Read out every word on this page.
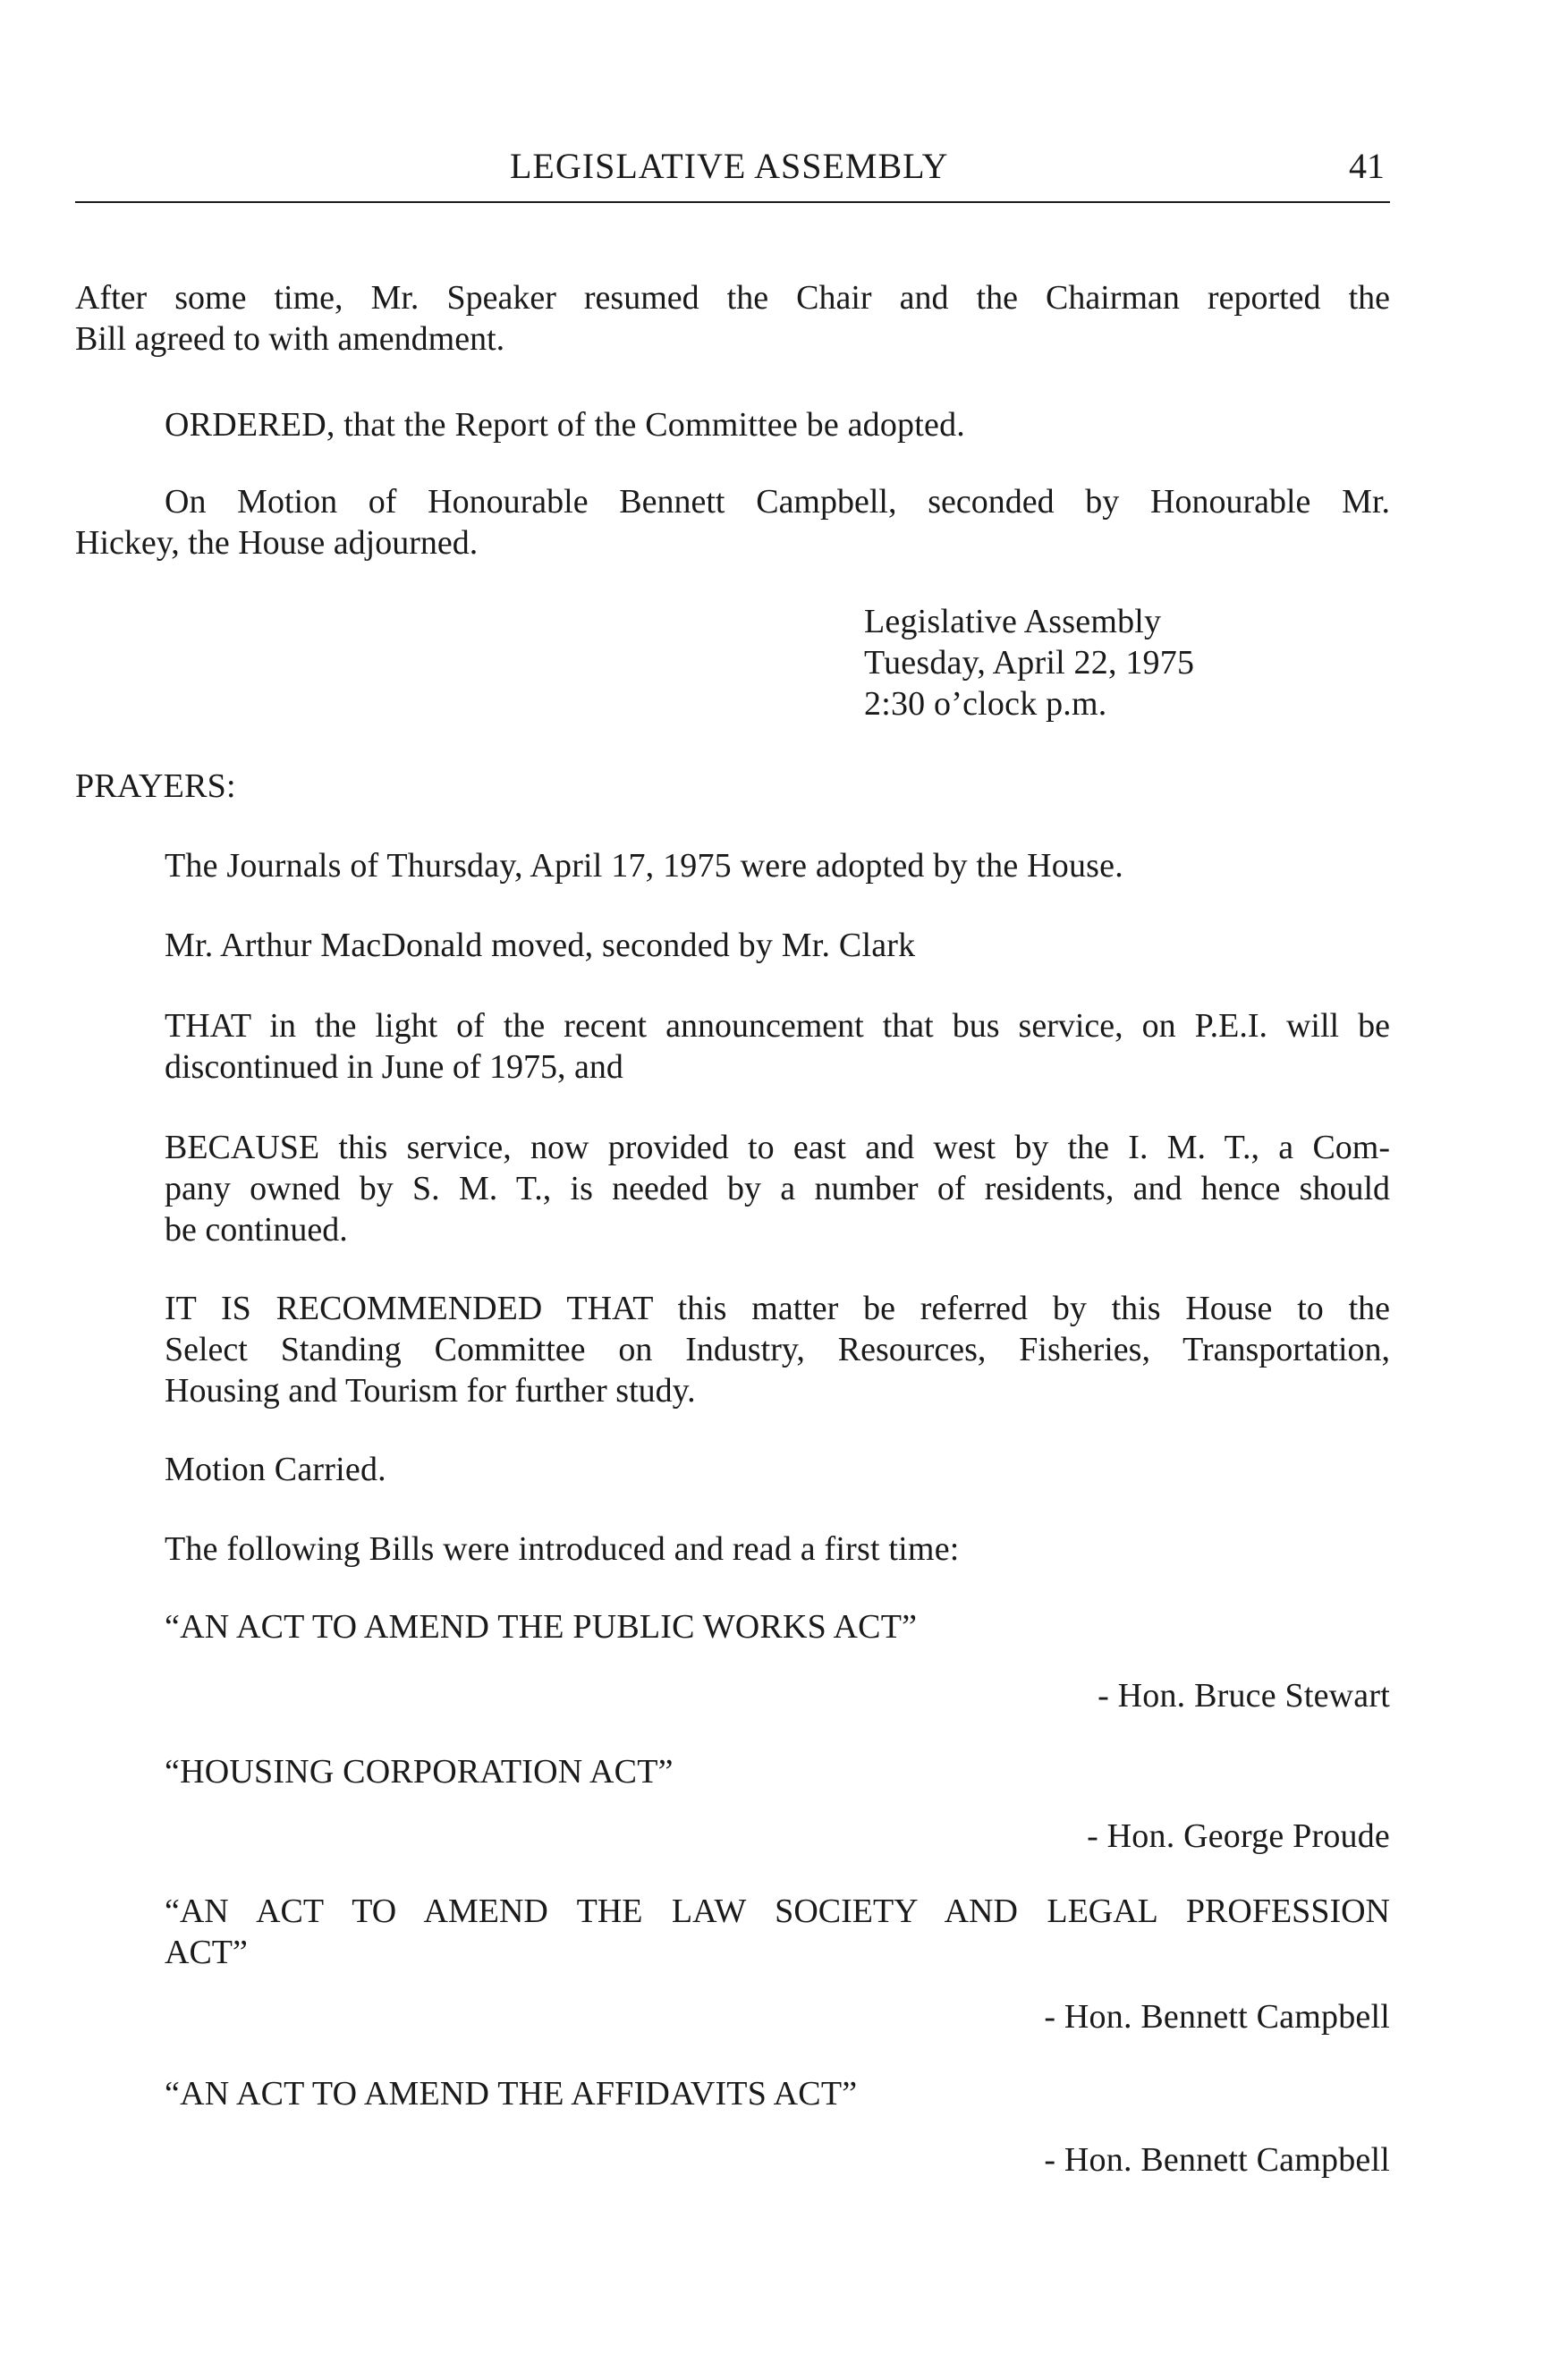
LEGISLATIVE ASSEMBLY	41
After some time, Mr. Speaker resumed the Chair and the Chairman reported the
Bill agreed to with amendment.
ORDERED, that the Report of the Committee be adopted.
On Motion of Honourable Bennett Campbell, seconded by Honourable Mr.
Hickey, the House adjourned.
Legislative Assembly
Tuesday, April 22, 1975
2:30 o’clock p.m.
PRAYERS:
The Journals of Thursday, April 17, 1975 were adopted by the House.
Mr. Arthur MacDonald moved, seconded by Mr. Clark
THAT in the light of the recent announcement that bus service, on P.E.I. will be
discontinued in June of 1975, and
BECAUSE this service, now provided to east and west by the I. M. T., a Com-
pany owned by S. M. T., is needed by a number of residents, and hence should
be continued.
IT IS RECOMMENDED THAT this matter be referred by this House to the
Select Standing Committee on Industry, Resources, Fisheries, Transportation,
Housing and Tourism for further study.
Motion Carried.
The following Bills were introduced and read a first time:
“AN ACT TO AMEND THE PUBLIC WORKS ACT”
- Hon. Bruce Stewart
“HOUSING CORPORATION ACT”
- Hon. George Proude
“AN ACT TO AMEND THE LAW SOCIETY AND LEGAL PROFESSION
ACT”
- Hon. Bennett Campbell
“AN ACT TO AMEND THE AFFIDAVITS ACT”
- Hon. Bennett Campbell
